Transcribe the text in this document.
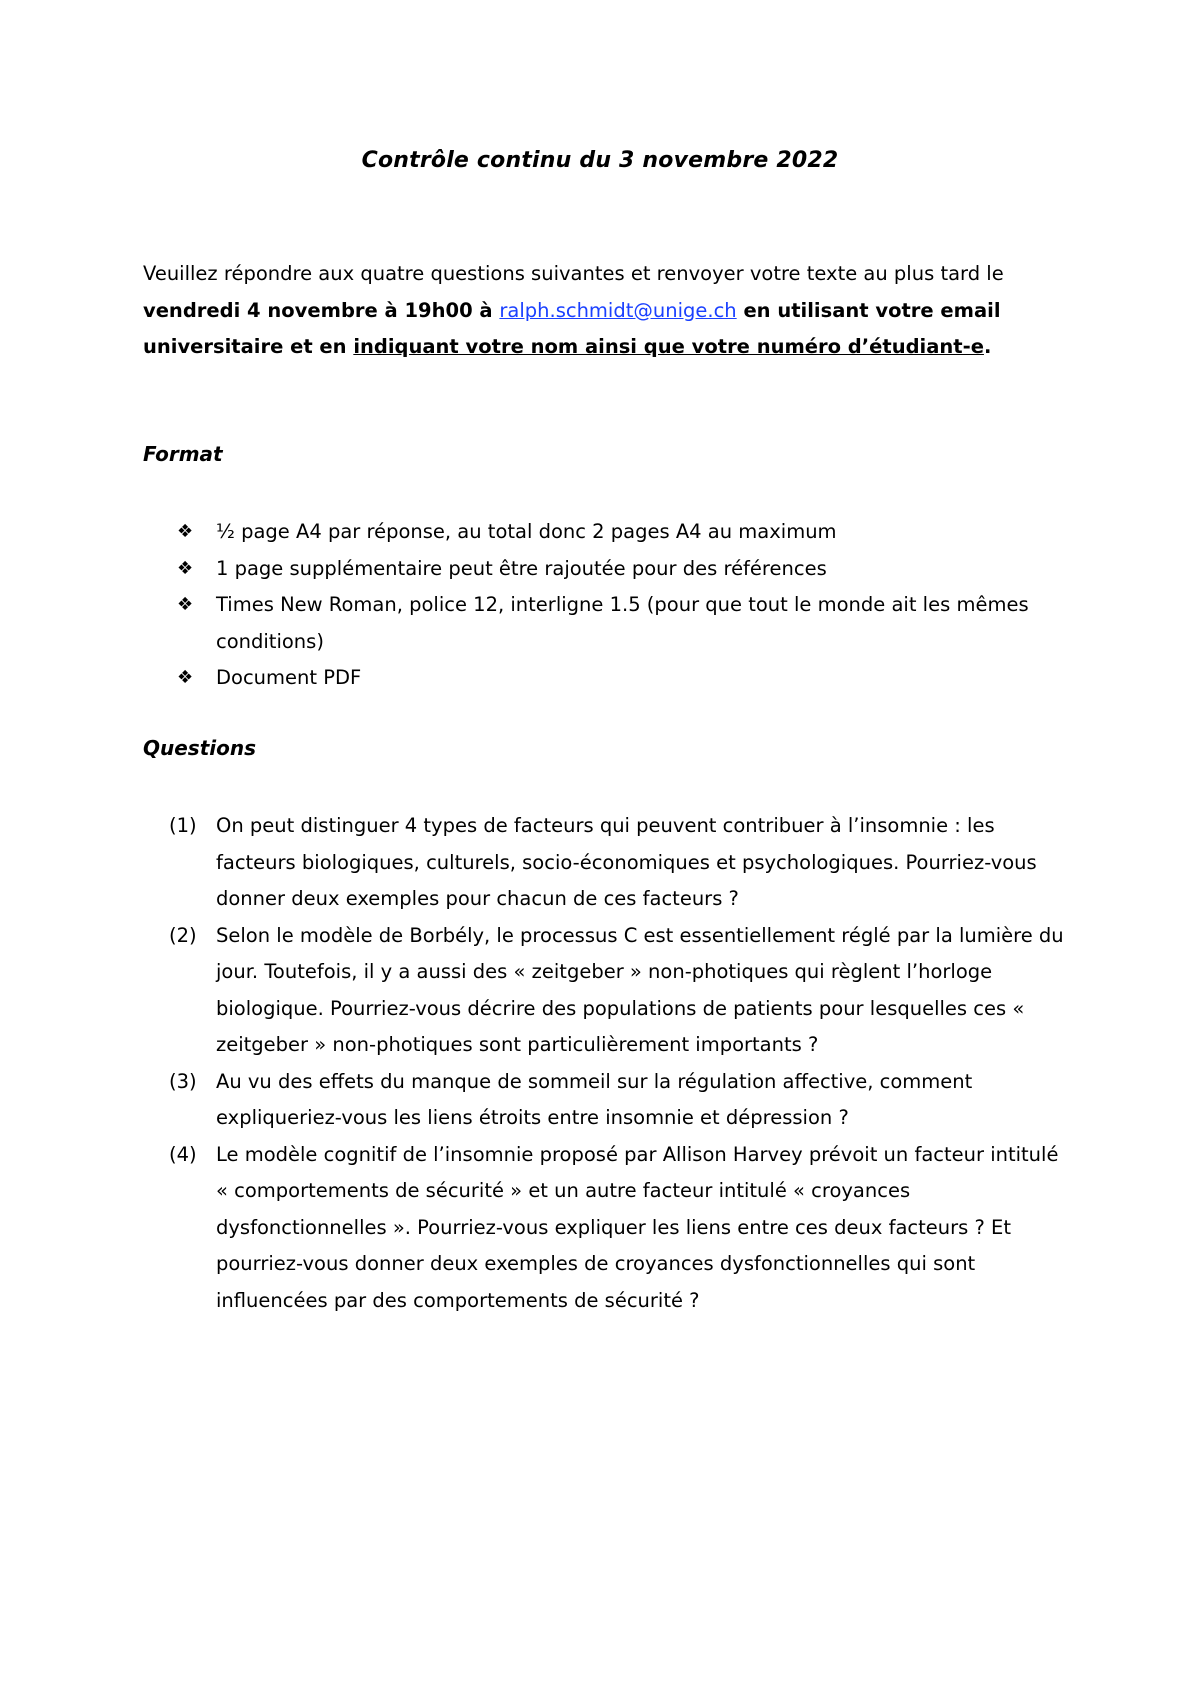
Contrôle continu du 3 novembre 2022
Veuillez répondre aux quatre questions suivantes et renvoyer votre texte au plus tard le vendredi 4 novembre à 19h00 à ralph.schmidt@unige.ch en utilisant votre email universitaire et en indiquant votre nom ainsi que votre numéro d’étudiant-e.
Format
❖ ½ page A4 par réponse, au total donc 2 pages A4 au maximum
❖ 1 page supplémentaire peut être rajoutée pour des références
❖ Times New Roman, police 12, interligne 1.5 (pour que tout le monde ait les mêmes conditions)
❖ Document PDF
Questions
(1) On peut distinguer 4 types de facteurs qui peuvent contribuer à l’insomnie : les facteurs biologiques, culturels, socio-économiques et psychologiques. Pourriez-vous donner deux exemples pour chacun de ces facteurs ?
(2) Selon le modèle de Borbély, le processus C est essentiellement réglé par la lumière du jour. Toutefois, il y a aussi des « zeitgeber » non-photiques qui règlent l’horloge biologique. Pourriez-vous décrire des populations de patients pour lesquelles ces « zeitgeber » non-photiques sont particulièrement importants ?
(3) Au vu des effets du manque de sommeil sur la régulation affective, comment expliqueriez-vous les liens étroits entre insomnie et dépression ?
(4) Le modèle cognitif de l’insomnie proposé par Allison Harvey prévoit un facteur intitulé « comportements de sécurité » et un autre facteur intitulé « croyances dysfonctionnelles ». Pourriez-vous expliquer les liens entre ces deux facteurs ? Et pourriez-vous donner deux exemples de croyances dysfonctionnelles qui sont influencées par des comportements de sécurité ?
